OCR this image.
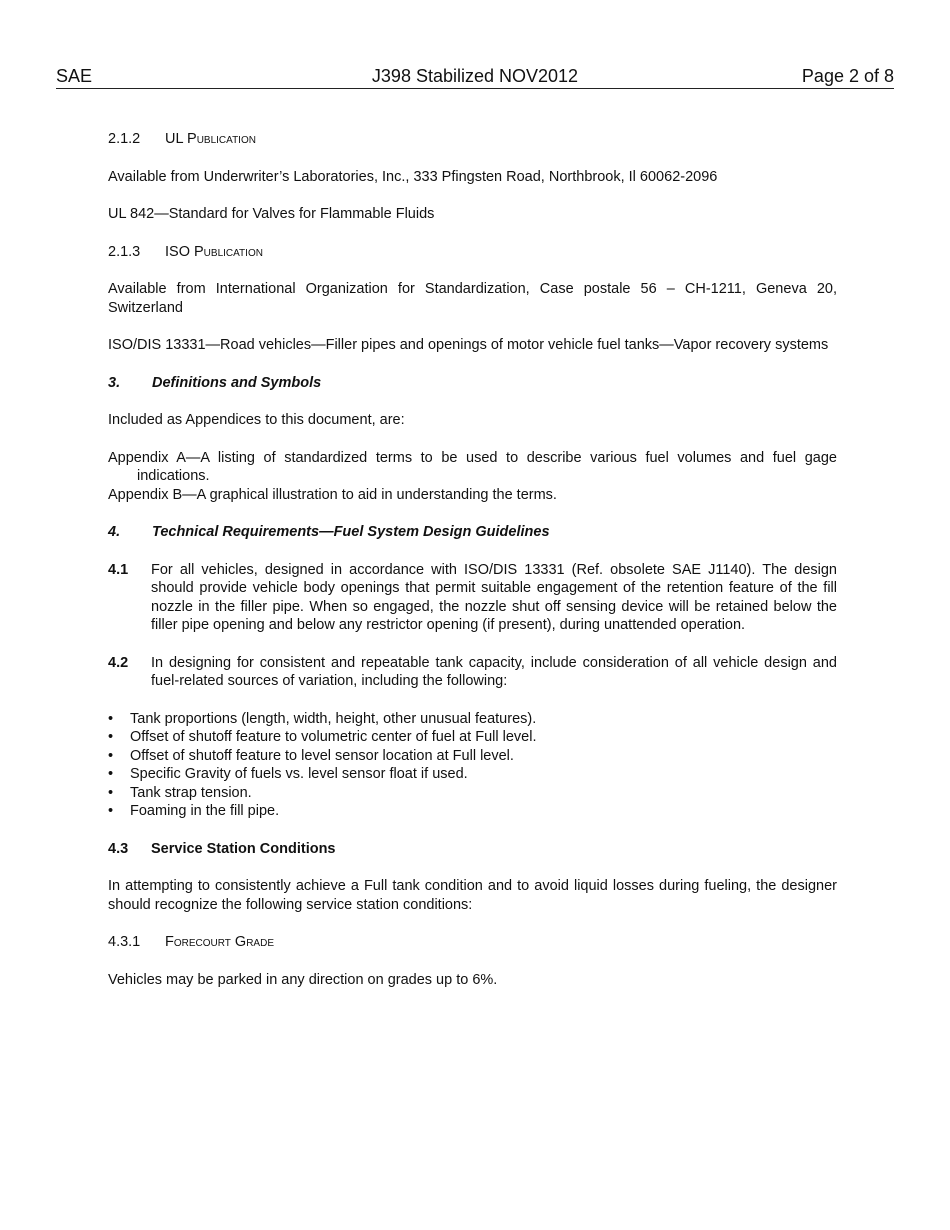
SAE	J398 Stabilized NOV2012	Page 2 of 8
2.1.2 UL Publication

Available from Underwriter’s Laboratories, Inc., 333 Pfingsten Road, Northbrook, Il 60062-2096

UL 842—Standard for Valves for Flammable Fluids

2.1.3 ISO Publication

Available from International Organization for Standardization, Case postale 56 – CH-1211, Geneva 20, Switzerland

ISO/DIS 13331—Road vehicles—Filler pipes and openings of motor vehicle fuel tanks—Vapor recovery systems

3. Definitions and Symbols

Included as Appendices to this document, are:

Appendix A—A listing of standardized terms to be used to describe various fuel volumes and fuel gage indications.

Appendix B—A graphical illustration to aid in understanding the terms.

4. Technical Requirements—Fuel System Design Guidelines
4.1	For all vehicles, designed in accordance with ISO/DIS 13331 (Ref. obsolete SAE J1140). The design should provide vehicle body openings that permit suitable engagement of the retention feature of the fill nozzle in the filler pipe. When so engaged, the nozzle shut off sensing device will be retained below the filler pipe opening and below any restrictor opening (if present), during unattended operation.
4.2	In designing for consistent and repeatable tank capacity, include consideration of all vehicle design and fuel-related sources of variation, including the following:
• Tank proportions (length, width, height, other unusual features).
• Offset of shutoff feature to volumetric center of fuel at Full level.
• Offset of shutoff feature to level sensor location at Full level.
• Specific Gravity of fuels vs. level sensor float if used.
• Tank strap tension.
• Foaming in the fill pipe.
4.3 Service Station Conditions

In attempting to consistently achieve a Full tank condition and to avoid liquid losses during fueling, the designer should recognize the following service station conditions:

4.3.1 Forecourt Grade

Vehicles may be parked in any direction on grades up to 6%.
